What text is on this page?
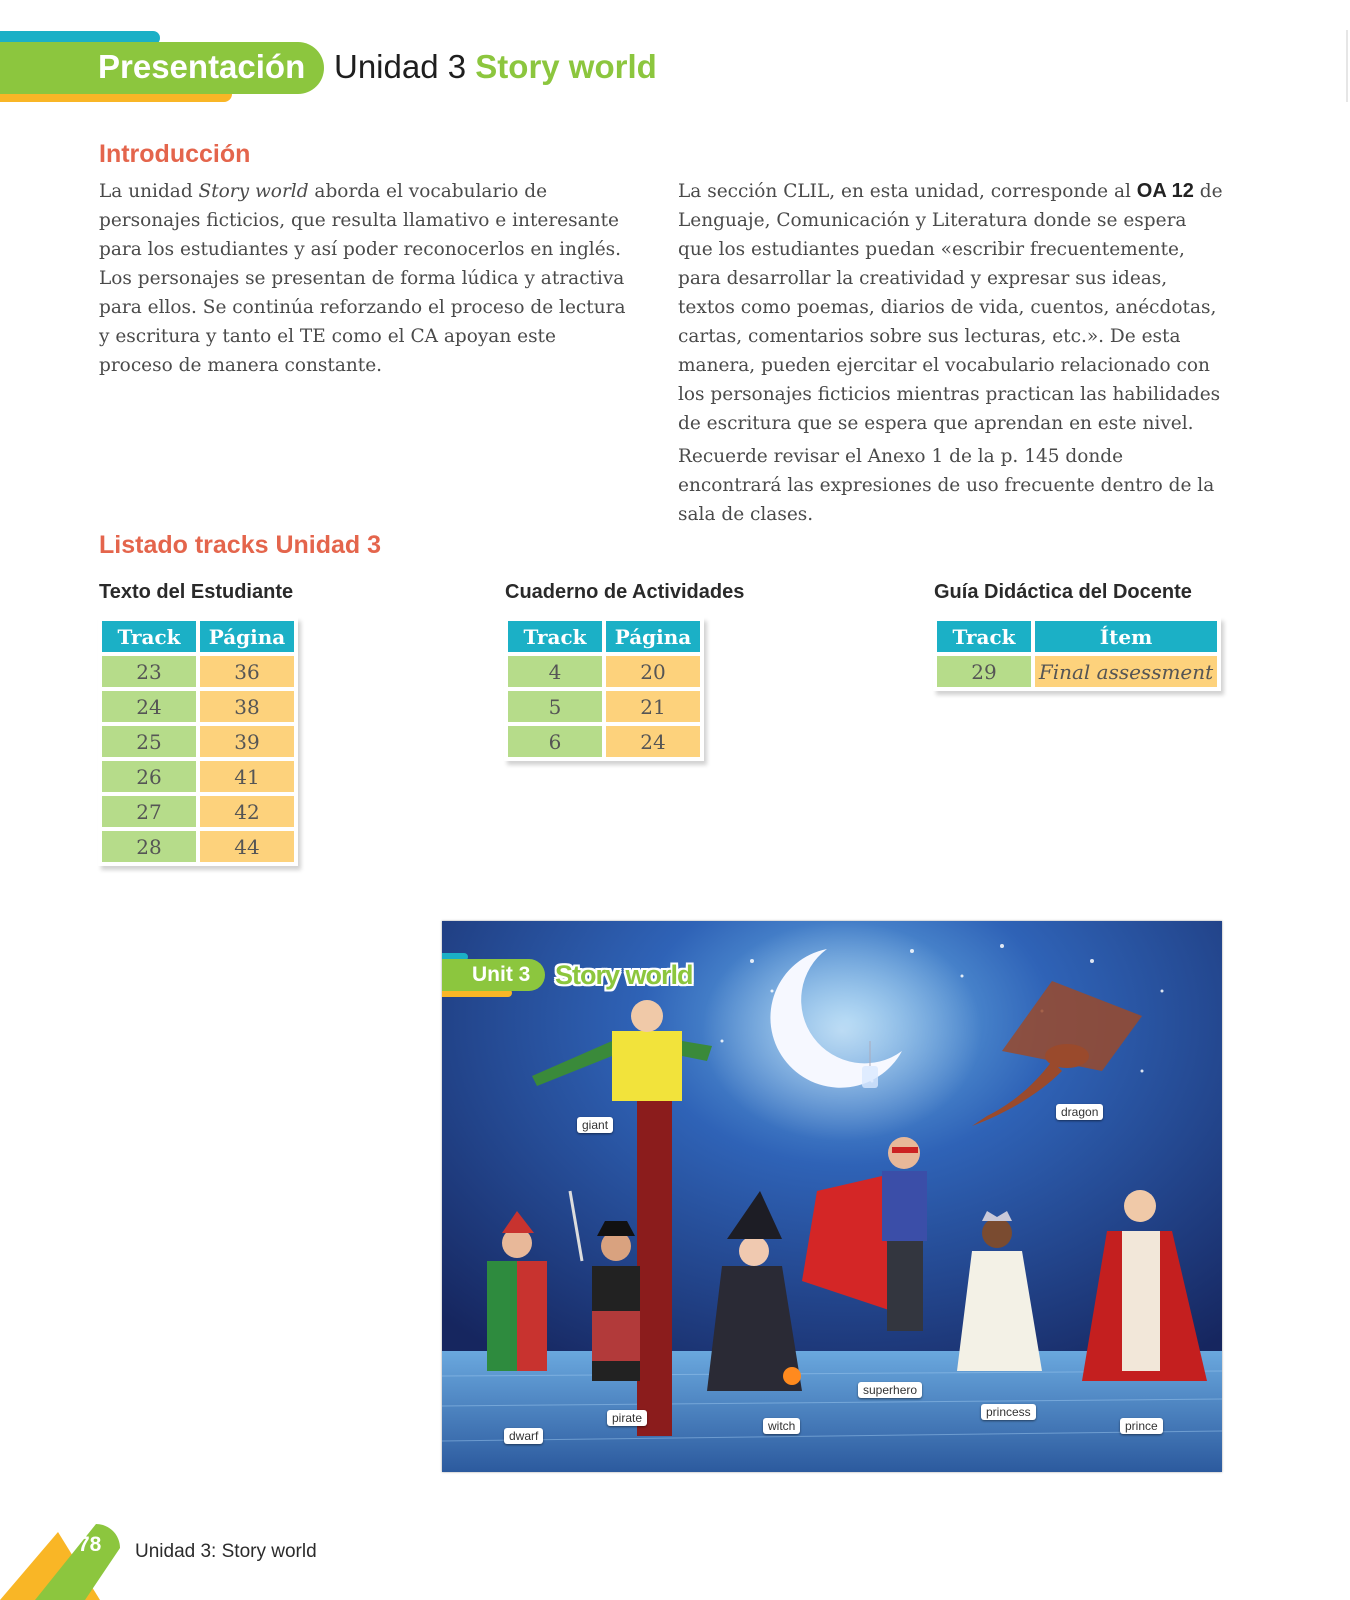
Presentación Unidad 3 Story world
Introducción

La unidad Story world aborda el vocabulario de personajes ficticios, que resulta llamativo e interesante para los estudiantes y así poder reconocerlos en inglés. Los personajes se presentan de forma lúdica y atractiva para ellos. Se continúa reforzando el proceso de lectura y escritura y tanto el TE como el CA apoyan este proceso de manera constante.

La sección CLIL, en esta unidad, corresponde al OA 12 de Lenguaje, Comunicación y Literatura donde se espera que los estudiantes puedan «escribir frecuentemente, para desarrollar la creatividad y expresar sus ideas, textos como poemas, diarios de vida, cuentos, anécdotas, cartas, comentarios sobre sus lecturas, etc.». De esta manera, pueden ejercitar el vocabulario relacionado con los personajes ficticios mientras practican las habilidades de escritura que se espera que aprendan en este nivel.

Recuerde revisar el Anexo 1 de la p. 145 donde encontrará las expresiones de uso frecuente dentro de la sala de clases.

Listado tracks Unidad 3
Texto del Estudiante
Track	Página
23	36
24	38
25	39
26	41
27	42
28	44
Cuaderno de Actividades
Track	Página
4	20
5	21
6	24
Guía Didáctica del Docente
Track	Ítem
29	Final assessment
Unit 3 Story world
giant
dragon
superhero
princess
witch
pirate
dwarf
prince
78 Unidad 3: Story world
